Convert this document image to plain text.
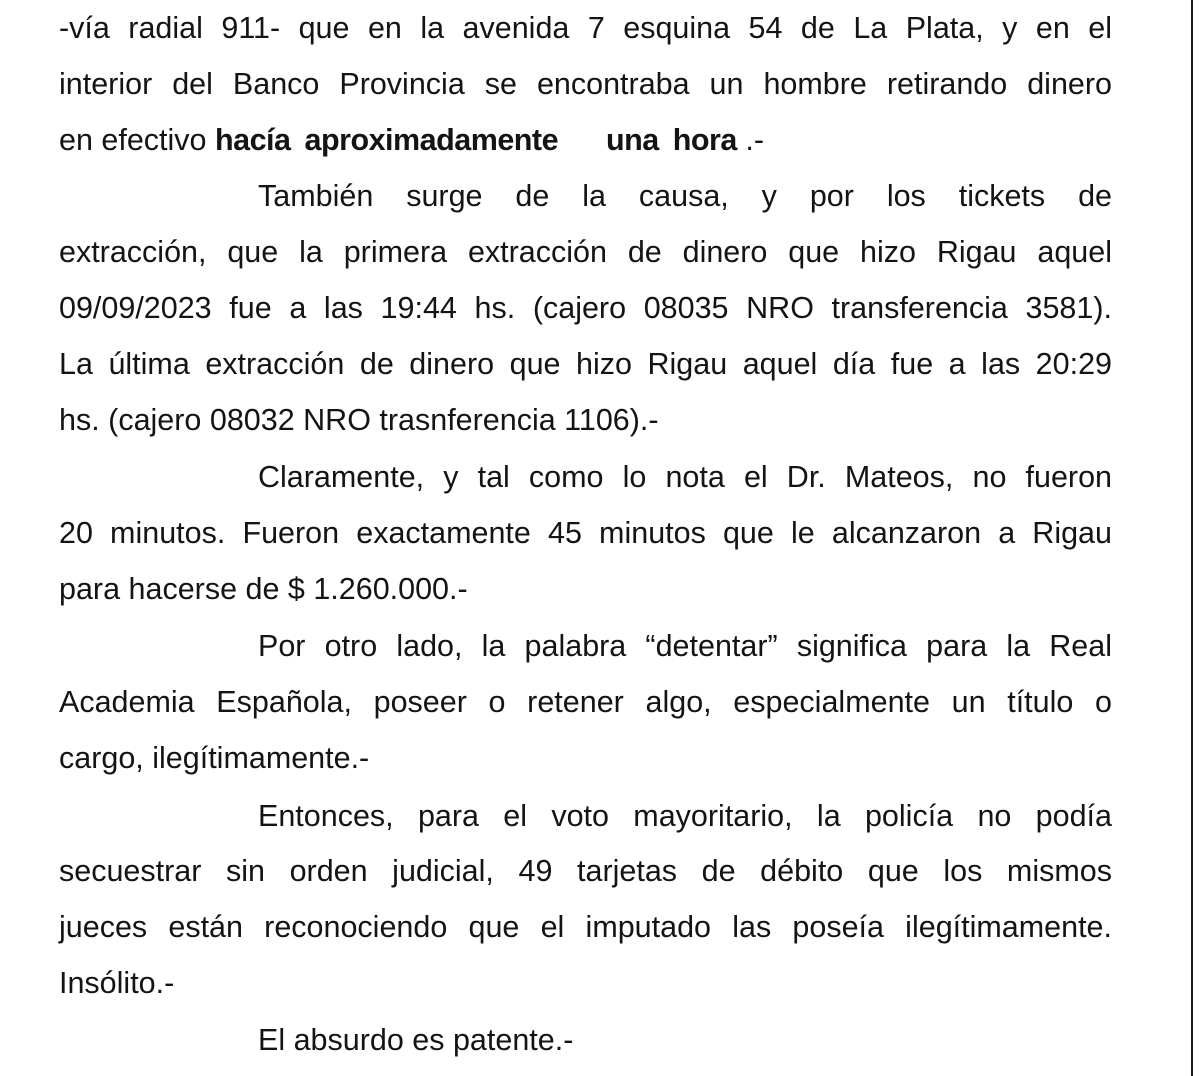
-vía radial 911- que en la avenida 7 esquina 54 de La Plata, y en el
interior del Banco Provincia se encontraba un hombre retirando dinero
en efectivo hacía aproximadamente una hora .-
También surge de la causa, y por los tickets de
extracción, que la primera extracción de dinero que hizo Rigau aquel
09/09/2023 fue a las 19:44 hs. (cajero 08035 NRO transferencia 3581).
La última extracción de dinero que hizo Rigau aquel día fue a las 20:29
hs. (cajero 08032 NRO trasnferencia 1106).-
Claramente, y tal como lo nota el Dr. Mateos, no fueron
20 minutos. Fueron exactamente 45 minutos que le alcanzaron a Rigau
para hacerse de $ 1.260.000.-
Por otro lado, la palabra “detentar” significa para la Real
Academia Española, poseer o retener algo, especialmente un título o
cargo, ilegítimamente.-
Entonces, para el voto mayoritario, la policía no podía
secuestrar sin orden judicial, 49 tarjetas de débito que los mismos
jueces están reconociendo que el imputado las poseía ilegítimamente.
Insólito.-
El absurdo es patente.-
